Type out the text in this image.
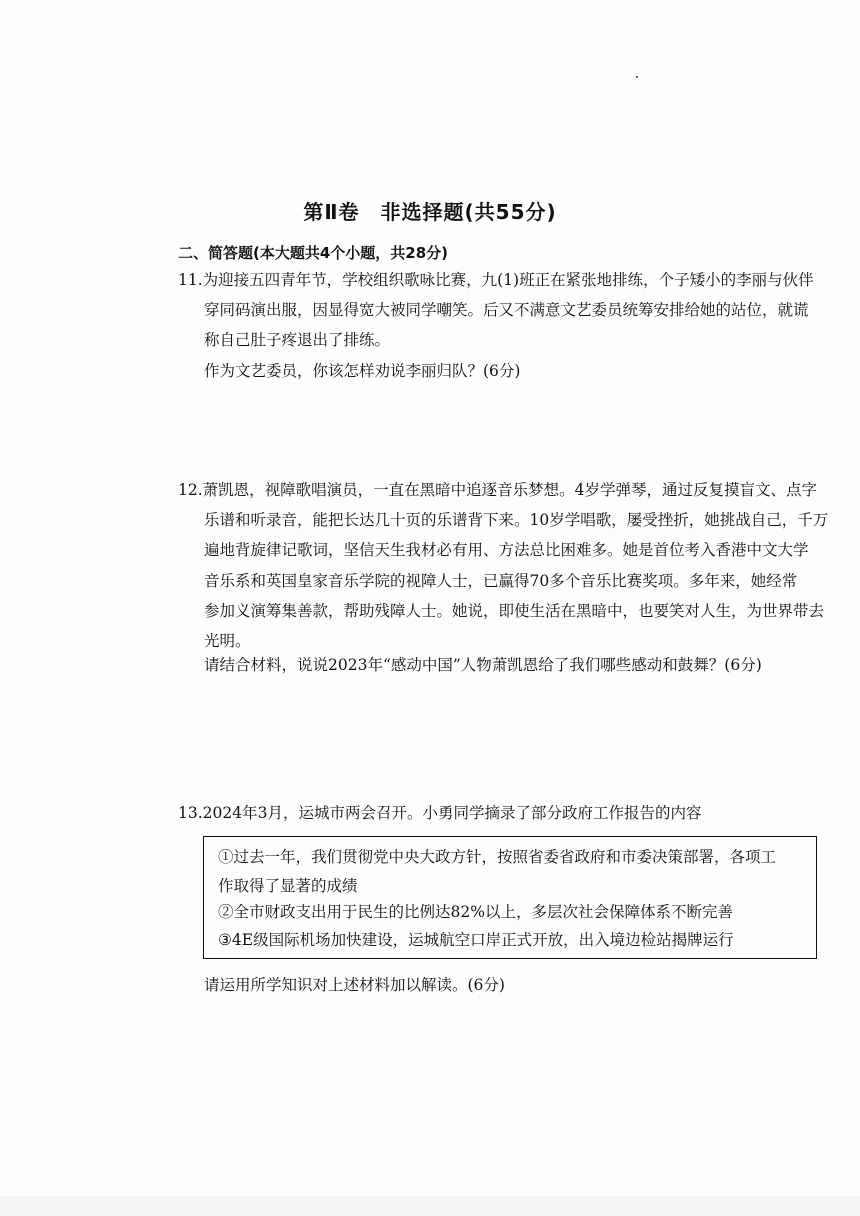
第Ⅱ卷　非选择题(共55分)
二、简答题(本大题共4个小题，共28分)
11.为迎接五四青年节，学校组织歌咏比赛，九(1)班正在紧张地排练，个子矮小的李丽与伙伴
穿同码演出服，因显得宽大被同学嘲笑。后又不满意文艺委员统筹安排给她的站位，就谎
称自己肚子疼退出了排练。
作为文艺委员，你该怎样劝说李丽归队？(6分)
12.萧凯恩，视障歌唱演员，一直在黑暗中追逐音乐梦想。4岁学弹琴，通过反复摸盲文、点字
乐谱和听录音，能把长达几十页的乐谱背下来。10岁学唱歌，屡受挫折，她挑战自己，千万
遍地背旋律记歌词，坚信天生我材必有用、方法总比困难多。她是首位考入香港中文大学
音乐系和英国皇家音乐学院的视障人士，已赢得70多个音乐比赛奖项。多年来，她经常
参加义演筹集善款，帮助残障人士。她说，即使生活在黑暗中，也要笑对人生，为世界带去
光明。
请结合材料，说说2023年“感动中国”人物萧凯恩给了我们哪些感动和鼓舞？(6分)
13.2024年3月，运城市两会召开。小勇同学摘录了部分政府工作报告的内容
①过去一年，我们贯彻党中央大政方针，按照省委省政府和市委决策部署，各项工
作取得了显著的成绩
②全市财政支出用于民生的比例达82%以上，多层次社会保障体系不断完善
③4E级国际机场加快建设，运城航空口岸正式开放，出入境边检站揭牌运行
请运用所学知识对上述材料加以解读。(6分)
